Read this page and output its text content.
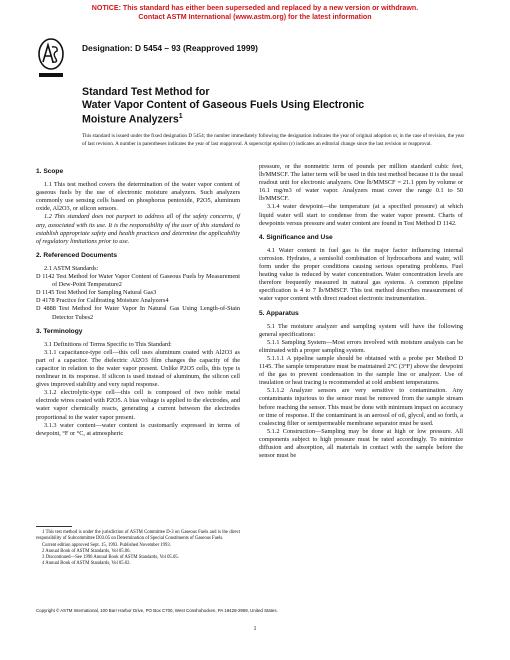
NOTICE: This standard has either been superseded and replaced by a new version or withdrawn.
Contact ASTM International (www.astm.org) for the latest information
Designation: D 5454 – 93 (Reapproved 1999)
Standard Test Method for
Water Vapor Content of Gaseous Fuels Using Electronic
Moisture Analyzers$^1$
This standard is issued under the fixed designation D 5454; the number immediately following the designation indicates the year of original adoption or, in the case of revision, the year of last revision. A number in parentheses indicates the year of last reapproval. A superscript epsilon (ε) indicates an editorial change since the last revision or reapproval.
1. Scope

1.1 This test method covers the determination of the water vapor content of gaseous fuels by the use of electronic moisture analyzers. Such analyzers commonly use sensing cells based on phosphorus pentoxide, P2O5, aluminum oxide, Al2O3, or silicon sensors.

1.2 This standard does not purport to address all of the safety concerns, if any, associated with its use. It is the responsibility of the user of this standard to establish appropriate safety and health practices and determine the applicability of regulatory limitations prior to use.

2. Referenced Documents

2.1 ASTM Standards:

D 1142 Test Method for Water Vapor Content of Gaseous Fuels by Measurement of Dew-Point Temperature2

D 1145 Test Method for Sampling Natural Gas3

D 4178 Practice for Calibrating Moisture Analyzers4

D 4888 Test Method for Water Vapor In Natural Gas Using Length-of-Stain Detector Tubes2

3. Terminology

3.1 Definitions of Terms Specific to This Standard:

3.1.1 capacitance-type cell—this cell uses aluminum coated with Al2O3 as part of a capacitor. The dielectric Al2O3 film changes the capacity of the capacitor in relation to the water vapor present. Unlike P2O5 cells, this type is nonlinear in its response. If silicon is used instead of aluminum, the silicon cell gives improved stability and very rapid response.

3.1.2 electrolytic-type cell—this cell is composed of two noble metal electrode wires coated with P2O5. A bias voltage is applied to the electrodes, and water vapor chemically reacts, generating a current between the electrodes proportional to the water vapor present.

3.1.3 water content—water content is customarily expressed in terms of dewpoint, °F or °C, at atmospheric

1 This test method is under the jurisdiction of ASTM Committee D-3 on Gaseous Fuels and is the direct responsibility of Subcommittee D03.05 on Determination of Special Constituents of Gaseous Fuels.

Current edition approved Sept. 15, 1993. Published November 1993.

2 Annual Book of ASTM Standards, Vol 05.06.

3 Discontinued—See 1996 Annual Book of ASTM Standards, Vol 05.05.

4 Annual Book of ASTM Standards, Vol 05.02.

pressure, or the nonmetric term of pounds per million standard cubic feet, lb/MMSCF. The latter term will be used in this test method because it is the usual readout unit for electronic analyzers. One lb/MMSCF = 21.1 ppm by volume or 16.1 mg/m3 of water vapor. Analyzers must cover the range 0.1 to 50 lb/MMSCF.

3.1.4 water dewpoint—the temperature (at a specified pressure) at which liquid water will start to condense from the water vapor present. Charts of dewpoints versus pressure and water content are found in Test Method D 1142.

4. Significance and Use

4.1 Water content in fuel gas is the major factor influencing internal corrosion. Hydrates, a semisolid combination of hydrocarbons and water, will form under the proper conditions causing serious operating problems. Fuel heating value is reduced by water concentration. Water concentration levels are therefore frequently measured in natural gas systems. A common pipeline specification is 4 to 7 lb/MMSCF. This test method describes measurement of water vapor content with direct readout electronic instrumentation.

5. Apparatus

5.1 The moisture analyzer and sampling system will have the following general specifications:

5.1.1 Sampling System—Most errors involved with moisture analysis can be eliminated with a proper sampling system.

5.1.1.1 A pipeline sample should be obtained with a probe per Method D 1145. The sample temperature must be maintained 2°C (3°F) above the dewpoint of the gas to prevent condensation in the sample line or analyzer. Use of insulation or heat tracing is recommended at cold ambient temperatures.

5.1.1.2 Analyzer sensors are very sensitive to contamination. Any contaminants injurious to the sensor must be removed from the sample stream before reaching the sensor. This must be done with minimum impact on accuracy or time of response. If the contaminant is an aerosol of oil, glycol, and so forth, a coalescing filter or semipermeable membrane separator must be used.

5.1.2 Construction—Sampling may be done at high or low pressure. All components subject to high pressure must be rated accordingly. To minimize diffusion and absorption, all materials in contact with the sample before the sensor must be

Copyright © ASTM International, 100 Barr Harbor Drive, PO Box C700, West Conshohocken, PA 19428-2959, United States.
1
